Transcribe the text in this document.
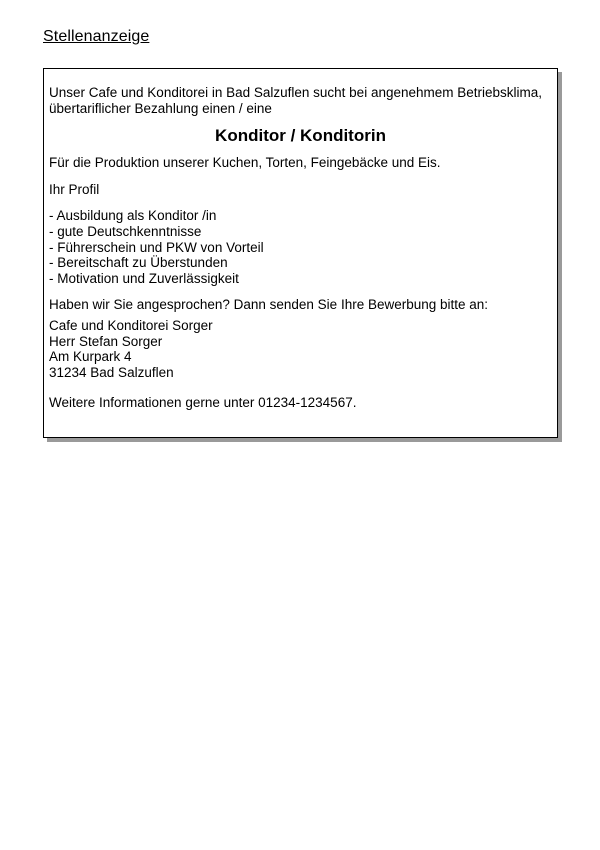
Stellenanzeige

Unser Cafe und Konditorei in Bad Salzuflen sucht bei angenehmem Betriebsklima,
übertariflicher Bezahlung einen / eine

Konditor / Konditorin

Für die Produktion unserer Kuchen, Torten, Feingebäcke und Eis.

Ihr Profil

- Ausbildung als Konditor /in
- gute Deutschkenntnisse
- Führerschein und PKW von Vorteil
- Bereitschaft zu Überstunden
- Motivation und Zuverlässigkeit

Haben wir Sie angesprochen? Dann senden Sie Ihre Bewerbung bitte an:

Cafe und Konditorei Sorger
Herr Stefan Sorger
Am Kurpark 4
31234 Bad Salzuflen

Weitere Informationen gerne unter 01234-1234567.
